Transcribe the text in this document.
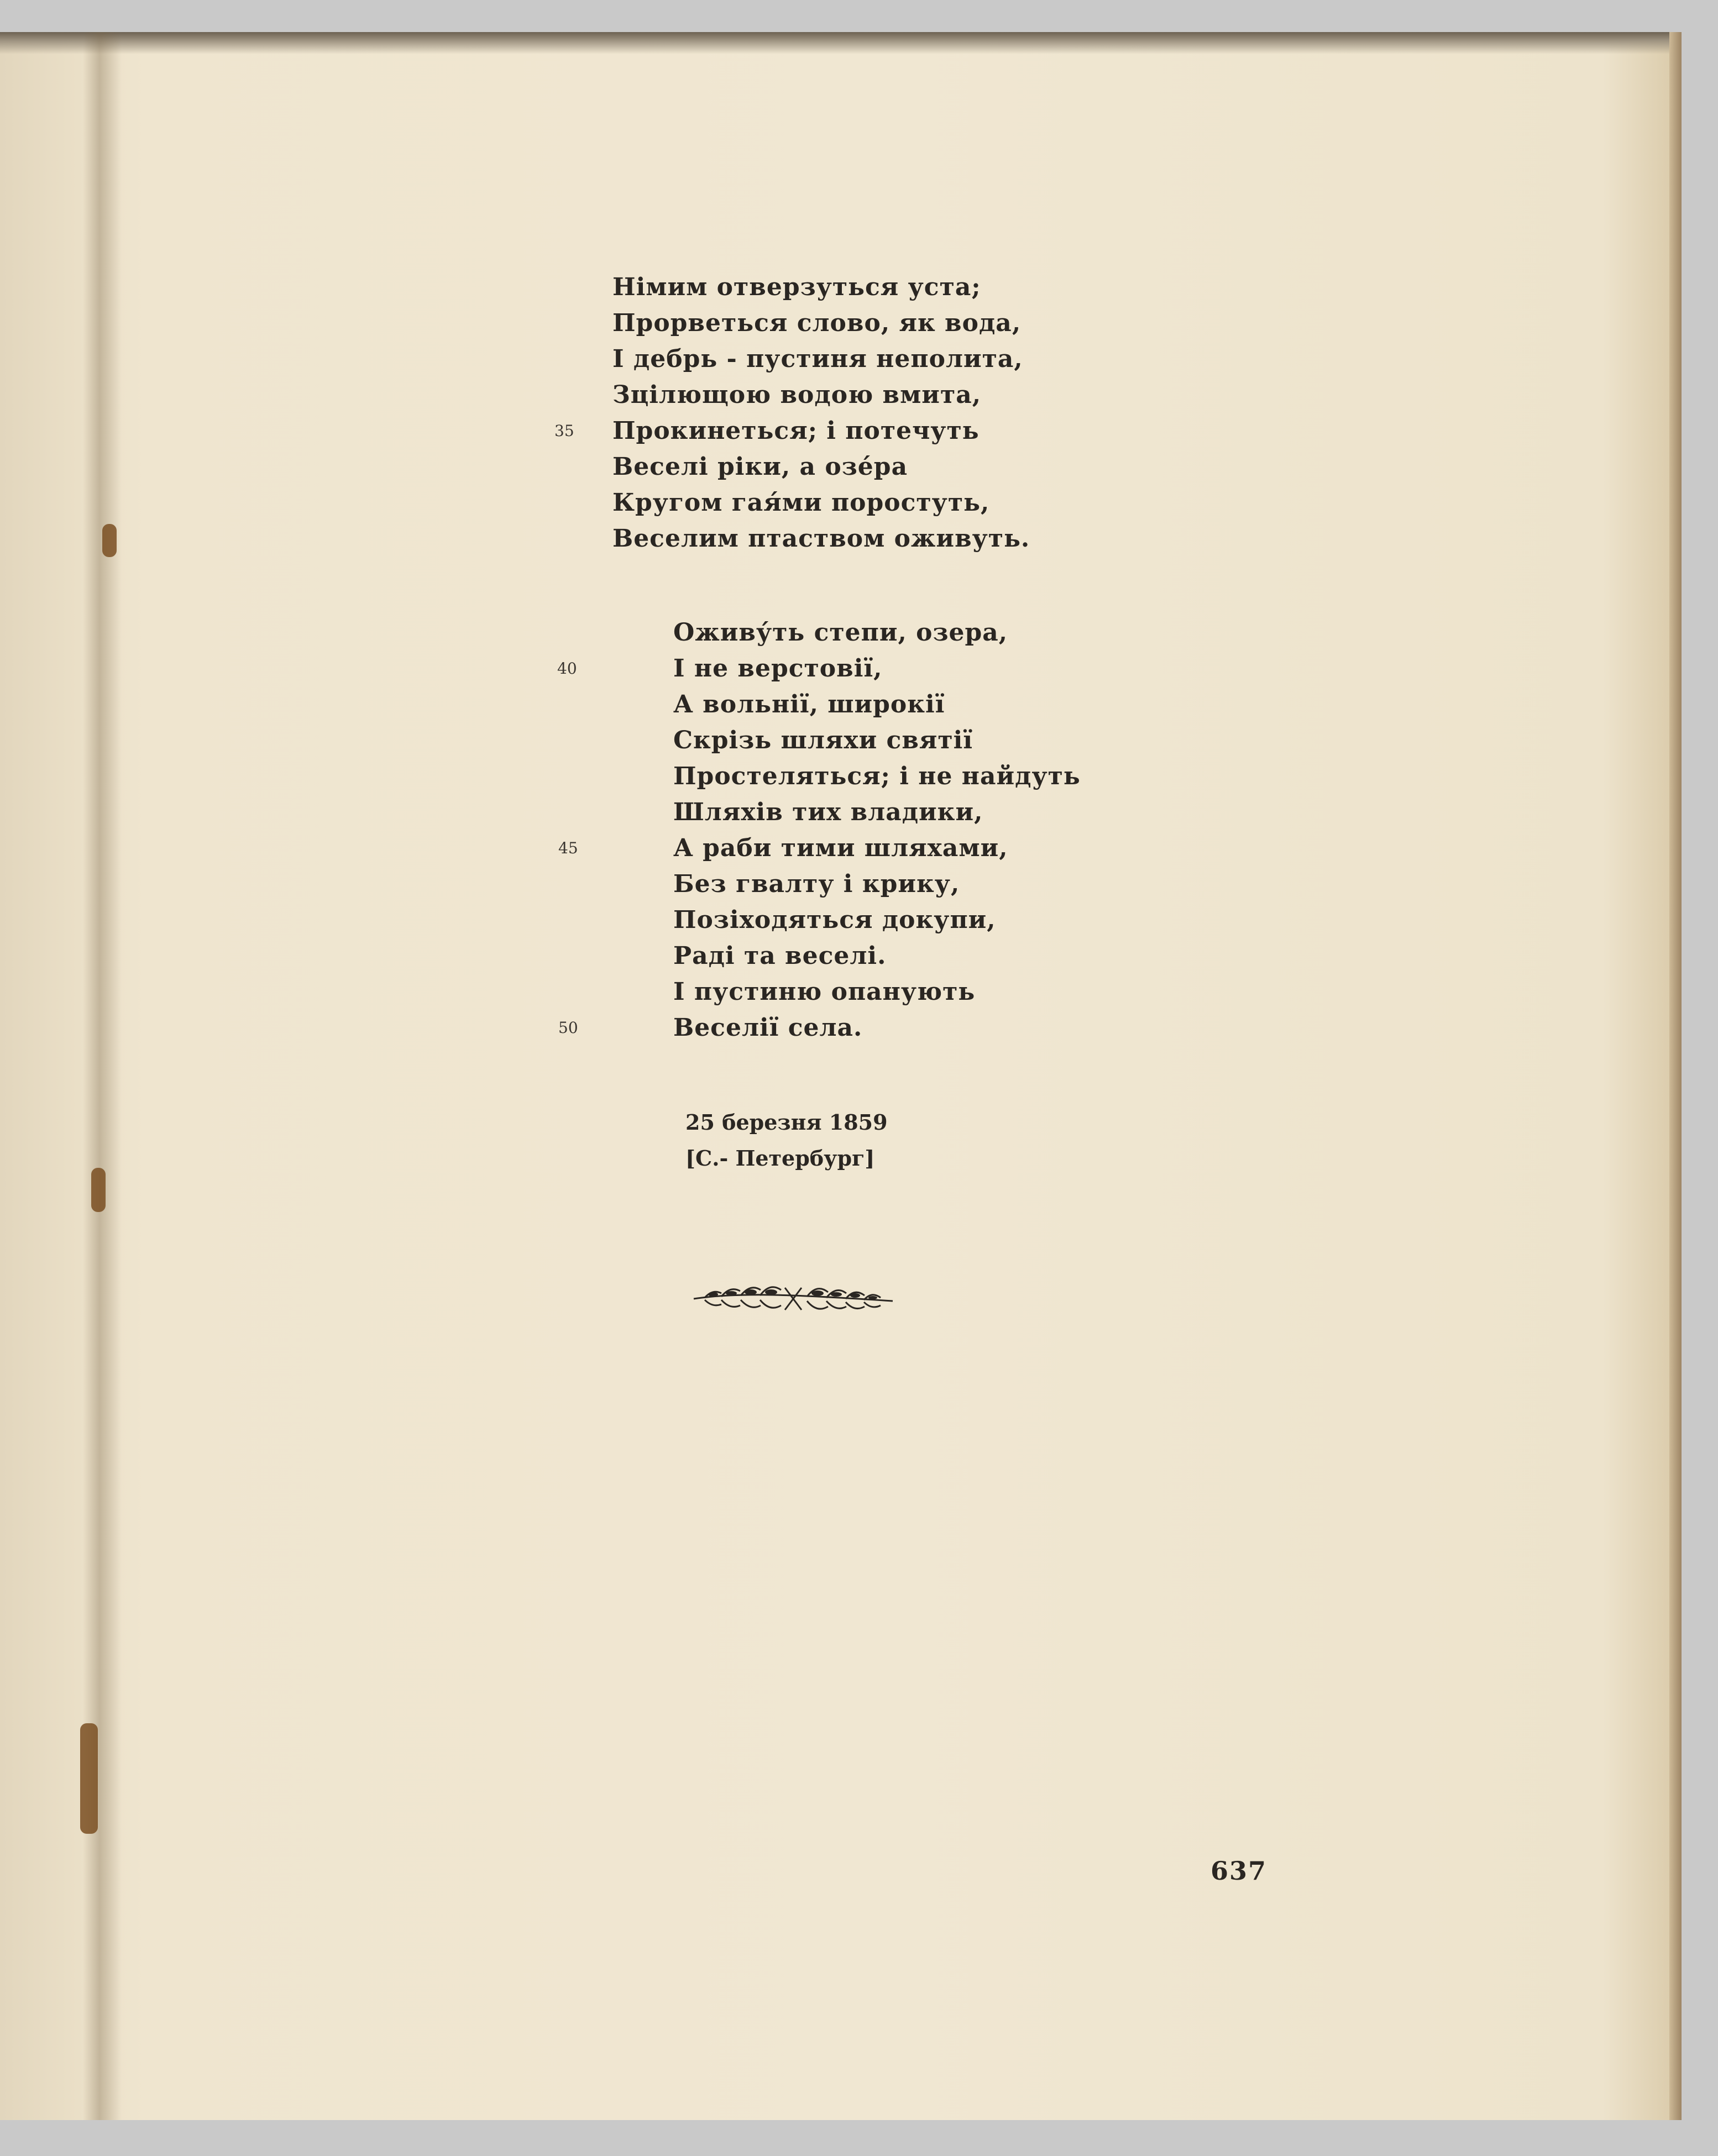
Німим отверзуться уста;
Прорветься слово, як вода,
І дебрь - пустиня неполита,
Зцілющою водою вмита,
Прокинеться; і потечуть
Веселі ріки, а озе́ра
Кругом гая́ми поростуть,
Веселим птаством оживуть.
Оживу́ть степи, озера,
І не верстовії,
А вольнії, широкії
Скрізь шляхи святії
Простеляться; і не найдуть
Шляхів тих владики,
А раби тими шляхами,
Без гвалту і крику,
Позіходяться докупи,
Раді та веселі.
І пустиню опанують
Веселії села.
35
40
45
50
25 березня 1859
[С.- Петербург]
637
